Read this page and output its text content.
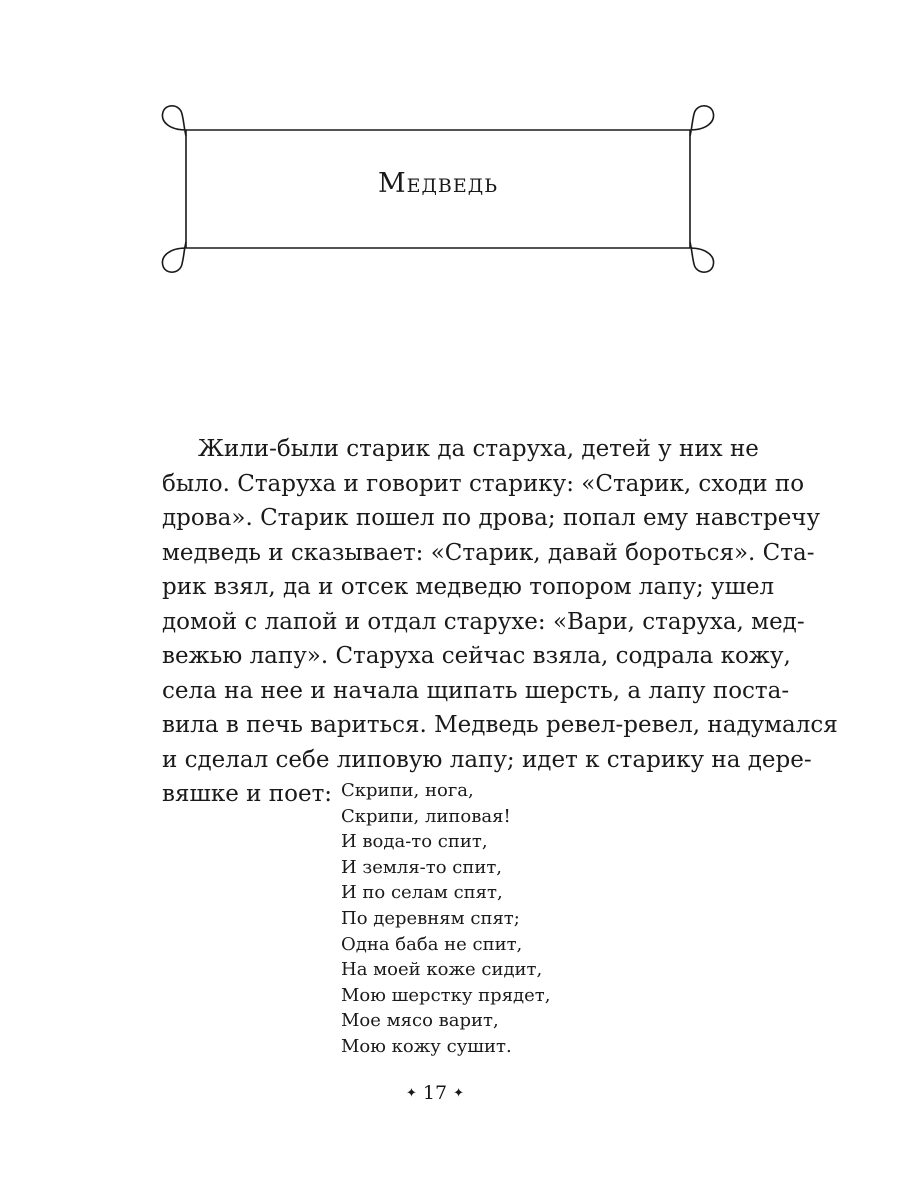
Медведь
Жили-были старик да старуха, детей у них не
было. Старуха и говорит старику: «Старик, сходи по
дрова». Старик пошел по дрова; попал ему навстречу
медведь и сказывает: «Старик, давай бороться». Ста-
рик взял, да и отсек медведю топором лапу; ушел
домой с лапой и отдал старухе: «Вари, старуха, мед-
вежью лапу». Старуха сейчас взяла, содрала кожу,
села на нее и начала щипать шерсть, а лапу поста-
вила в печь вариться. Медведь ревел-ревел, надумался
и сделал себе липовую лапу; идет к старику на дере-
вяшке и поет: Скрипи, нога,
Скрипи, липовая!
И вода-то спит,
И земля-то спит,
И по селам спят,
По деревням спят;
Одна баба не спит,
На моей коже сидит,
Мою шерстку прядет,
Мое мясо варит,
Мою кожу сушит.
✦ 17 ✦
